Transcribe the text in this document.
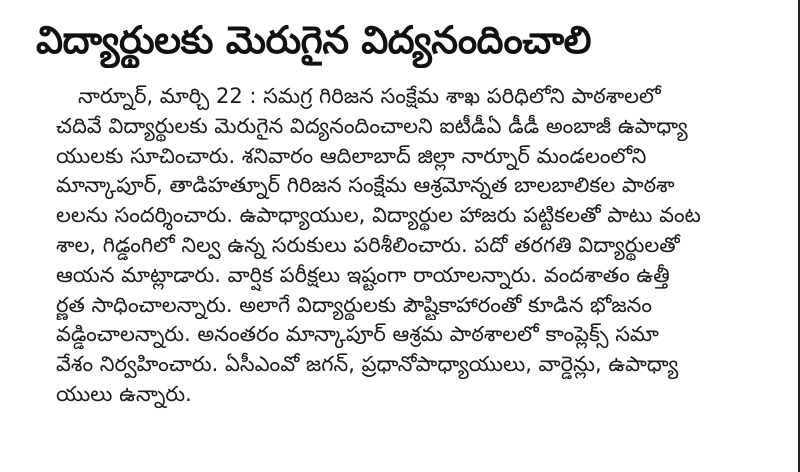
విద్యార్థులకు మెరుగైన విద్యనందించాలి
నార్నూర్, మార్చి 22 : సమగ్ర గిరిజన సంక్షేమ శాఖ పరిధిలోని పాఠశాలలో
చదివే విద్యార్థులకు మెరుగైన విద్యనందించాలని ఐటీడీఏ డీడీ అంబాజీ ఉపాధ్యా
యులకు సూచించారు. శనివారం ఆదిలాబాద్ జిల్లా నార్నూర్ మండలంలోని
మాన్కాపూర్, తాడిహత్నూర్ గిరిజన సంక్షేమ ఆశ్రమోన్నత బాలబాలికల పాఠశా
లలను సందర్శించారు. ఉపాధ్యాయుల, విద్యార్థుల హాజరు పట్టికలతో పాటు వంట
శాల, గిడ్డంగిలో నిల్వ ఉన్న సరుకులు పరిశీలించారు. పదో తరగతి విద్యార్థులతో
ఆయన మాట్లాడారు. వార్షిక పరీక్షలు ఇష్టంగా రాయాలన్నారు. వందశాతం ఉత్తీ
ర్ణత సాధించాలన్నారు. అలాగే విద్యార్థులకు పౌష్టికాహారంతో కూడిన భోజనం
వడ్డించాలన్నారు. అనంతరం మాన్కాపూర్ ఆశ్రమ పాఠశాలలో కాంప్లెక్స్ సమా
వేశం నిర్వహించారు. ఏసీఎంవో జగన్, ప్రధానోపాధ్యాయులు, వార్డెన్లు, ఉపాధ్యా
యులు ఉన్నారు.
